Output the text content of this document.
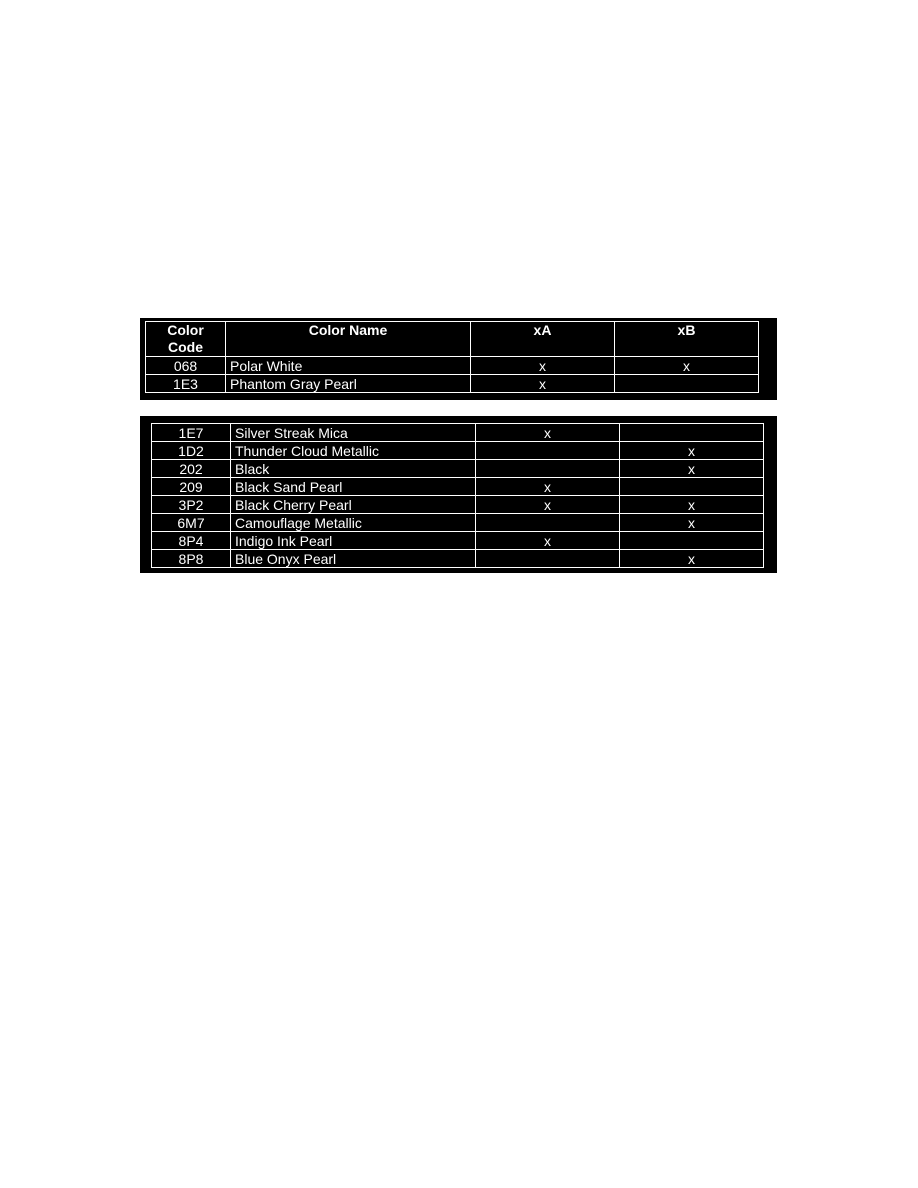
Color
Code	Color Name	xA	xB
068	Polar White	x	x
1E3	Phantom Gray Pearl	x	
1E7	Silver Streak Mica	x	
1D2	Thunder Cloud Metallic		x
202	Black		x
209	Black Sand Pearl	x	
3P2	Black Cherry Pearl	x	x
6M7	Camouflage Metallic		x
8P4	Indigo Ink Pearl	x	
8P8	Blue Onyx Pearl		x
